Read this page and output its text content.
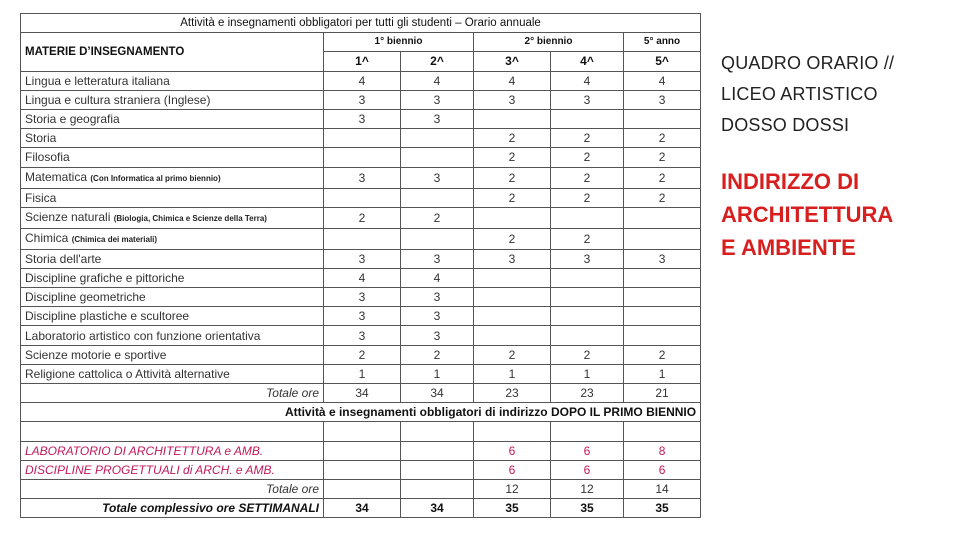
Attività e insegnamenti obbligatori per tutti gli studenti – Orario annuale					
MATERIE D’INSEGNAMENTO	1° biennio		2° biennio		5° anno
	1^	2^	3^	4^	5^
Lingua e letteratura italiana	4	4	4	4	4
Lingua e cultura straniera (Inglese)	3	3	3	3	3
Storia e geografia	3	3			
Storia			2	2	2
Filosofia			2	2	2
Matematica (Con Informatica al primo biennio)	3	3	2	2	2
Fisica			2	2	2
Scienze naturali (Biologia, Chimica e Scienze della Terra)	2	2			
Chimica (Chimica dei materiali)			2	2	
Storia dell'arte	3	3	3	3	3
Discipline grafiche e pittoriche	4	4			
Discipline geometriche	3	3			
Discipline plastiche e scultoree	3	3			
Laboratorio artistico con funzione orientativa	3	3			
Scienze motorie e sportive	2	2	2	2	2
Religione cattolica o Attività alternative	1	1	1	1	1
Totale ore	34	34	23	23	21
Attività e insegnamenti obbligatori di indirizzo DOPO IL PRIMO BIENNIO					

LABORATORIO DI ARCHITETTURA e AMB.			6	6	8
DISCIPLINE PROGETTUALI di ARCH. e AMB.			6	6	6
Totale ore			12	12	14
Totale complessivo ore SETTIMANALI	34	34	35	35	35
QUADRO ORARIO //
LICEO ARTISTICO
DOSSO DOSSI
INDIRIZZO DI
ARCHITETTURA
E AMBIENTE
